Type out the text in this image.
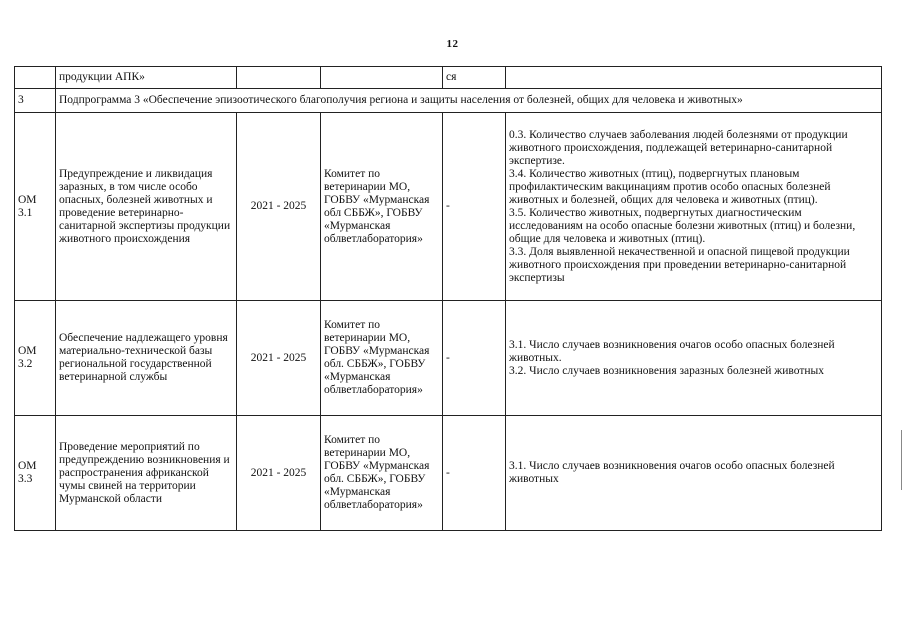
12
	продукции АПК»			ся	
3	Подпрограмма 3 «Обеспечение эпизоотического благополучия региона и защиты населения от болезней, общих для человека и животных»				
ОМ 3.1	Предупреждение и ликвидация заразных, в том числе особо опасных, болезней животных и проведение ветеринарно-санитарной экспертизы продукции животного происхождения	2021 - 2025	Комитет по ветеринарии МО, ГОБВУ «Мурманская обл СББЖ», ГОБВУ «Мурманская облветлаборатория»	-	0.3. Количество случаев заболевания людей болезнями от продукции животного происхождения, подлежащей ветеринарно-санитарной экспертизе.
3.4. Количество животных (птиц), подвергнутых плановым профилактическим вакцинациям против особо опасных болезней животных и болезней, общих для человека и животных (птиц).
3.5. Количество животных, подвергнутых диагностическим исследованиям на особо опасные болезни животных (птиц) и болезни, общие для человека и животных (птиц).
3.3. Доля выявленной некачественной и опасной пищевой продукции животного происхождения при проведении ветеринарно-санитарной экспертизы

ОМ 3.2	Обеспечение надлежащего уровня материально-технической базы региональной государственной ветеринарной службы	2021 - 2025	Комитет по ветеринарии МО, ГОБВУ «Мурманская обл. СББЖ», ГОБВУ «Мурманская облветлаборатория»	-	3.1. Число случаев возникновения очагов особо опасных болезней животных.
3.2. Число случаев возникновения заразных болезней животных

ОМ 3.3	Проведение мероприятий по предупреждению возникновения и распространения африканской чумы свиней на территории Мурманской области	2021 - 2025	Комитет по ветеринарии МО, ГОБВУ «Мурманская обл. СББЖ», ГОБВУ «Мурманская облветлаборатория»	-	3.1. Число случаев возникновения очагов особо опасных болезней животных
